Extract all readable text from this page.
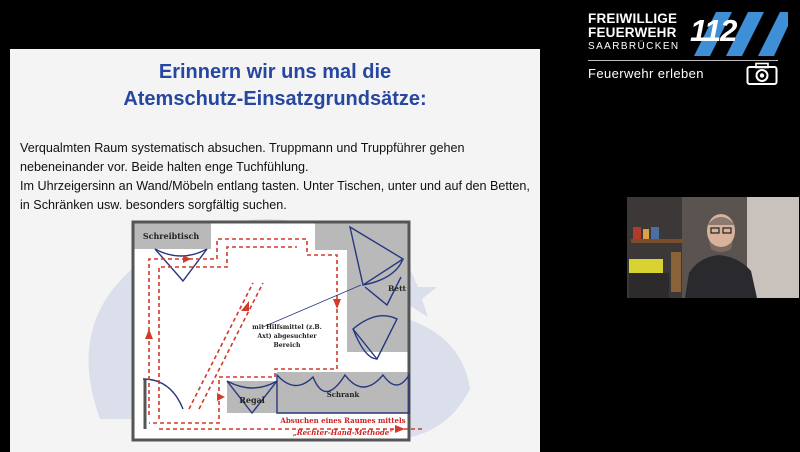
Erinnern wir uns mal die
Atemschutz-Einsatzgrundsätze:
Verqualmten Raum systematisch absuchen. Truppmann und Truppführer gehen nebeneinander vor. Beide halten enge Tuchfühlung.
Im Uhrzeigersinn an Wand/Möbeln entlang tasten. Unter Tischen, unter und auf den Betten, in Schränken usw. besonders sorgfältig suchen.
Schreibtisch
Bett
Regal
Schrank
mit Hilfsmittel (z.B.
Axt) abgesuchter
Bereich
Absuchen eines Raumes mittels
„Rechter-Hand-Methode“
FREIWILLIGE
FEUERWEHR
SAARBRÜCKEN 112
Feuerwehr erleben
